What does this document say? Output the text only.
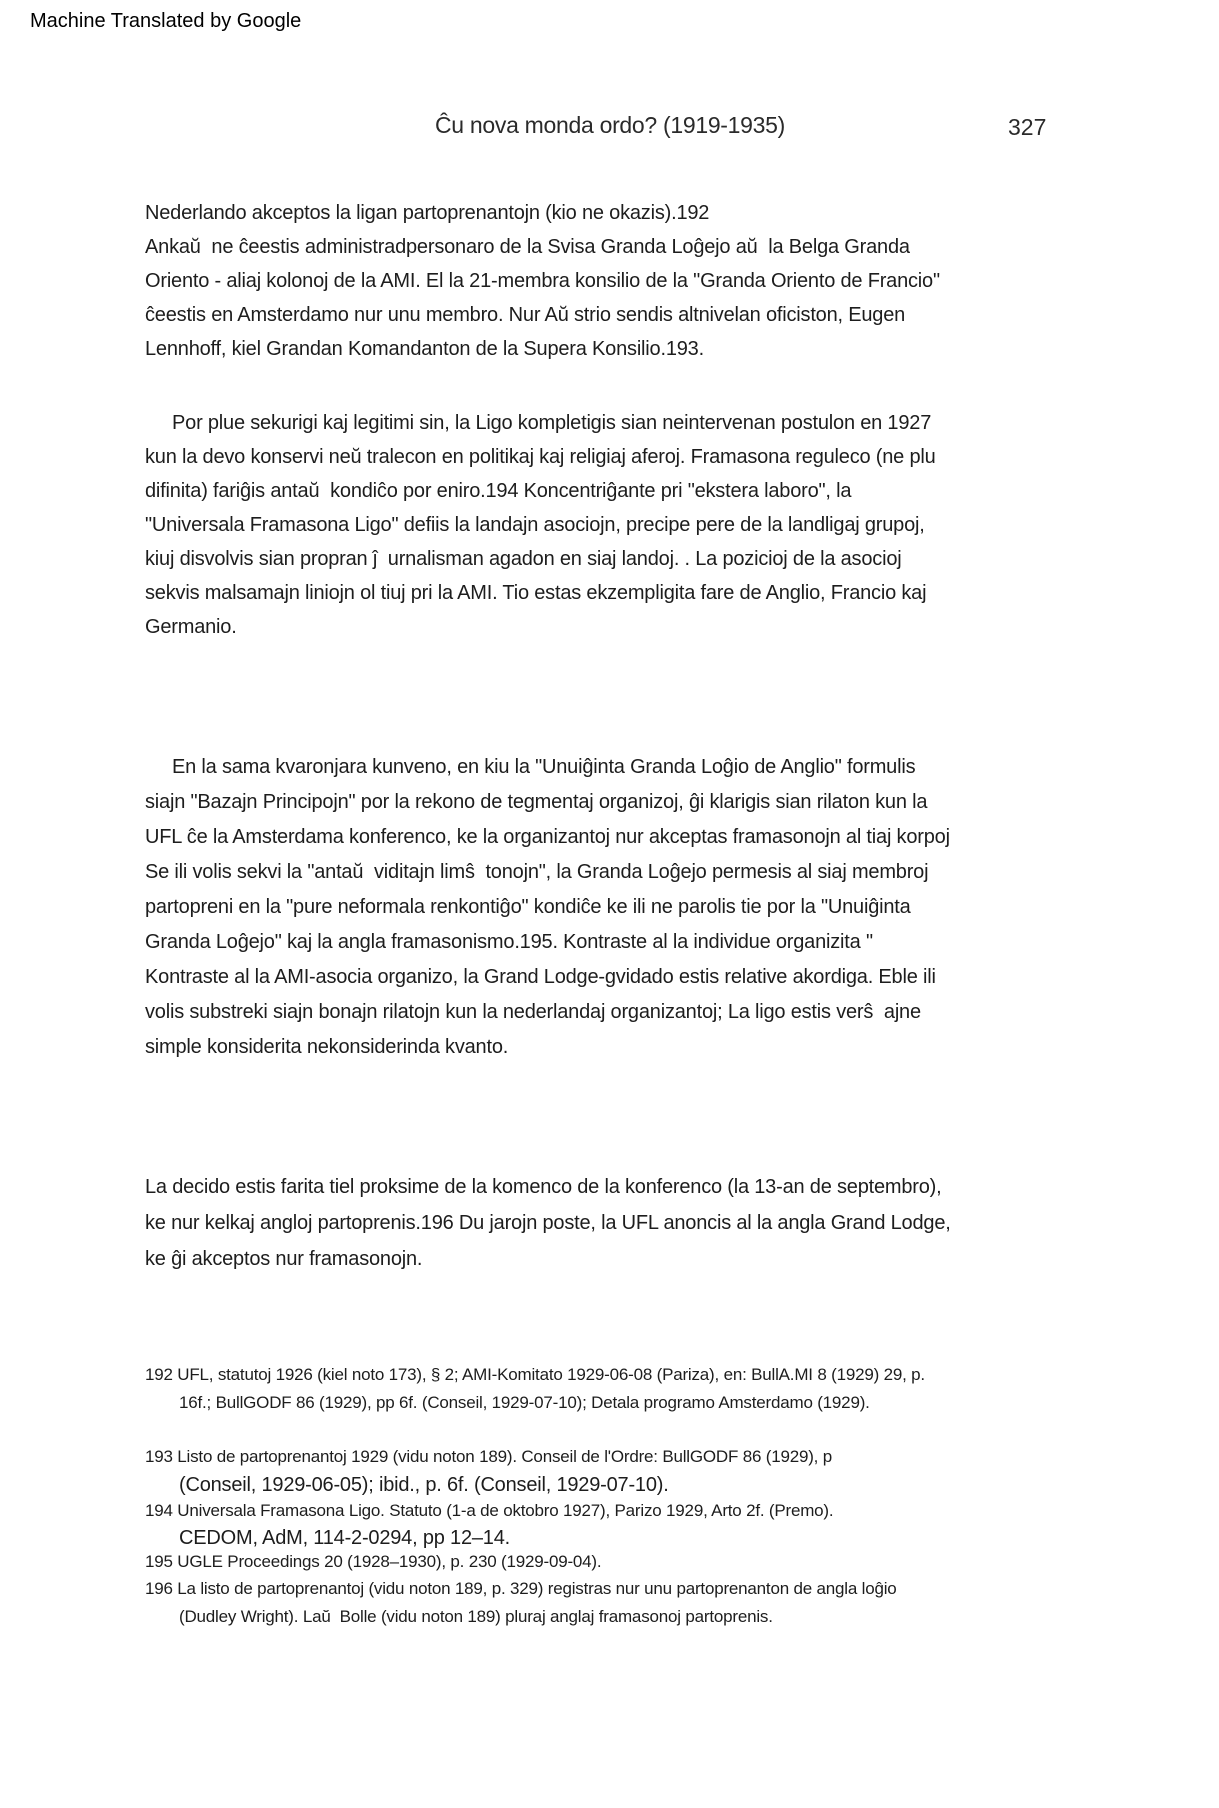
Machine Translated by Google
Ĉu nova monda ordo? (1919-1935)	327
Nederlando akceptos la ligan partoprenantojn (kio ne okazis).192
Ankaŭ  ne ĉeestis administradpersonaro de la Svisa Granda Loĝejo aŭ  la Belga Granda
Oriento - aliaj kolonoj de la AMI. El la 21-membra konsilio de la "Granda Oriento de Francio"
ĉeestis en Amsterdamo nur unu membro. Nur Aŭ strio sendis altnivelan oficiston, Eugen
Lennhoff, kiel Grandan Komandanton de la Supera Konsilio.193.
Por plue sekurigi kaj legitimi sin, la Ligo kompletigis sian neintervenan postulon en 1927
kun la devo konservi neŭ tralecon en politikaj kaj religiaj aferoj. Framasona reguleco (ne plu
difinita) fariĝis antaŭ  kondiĉo por eniro.194 Koncentriĝante pri "ekstera laboro", la
"Universala Framasona Ligo" defiis la landajn asociojn, precipe pere de la landligaj grupoj,
kiuj disvolvis sian propran ĵ  urnalisman agadon en siaj landoj. . La pozicioj de la asocioj
sekvis malsamajn liniojn ol tiuj pri la AMI. Tio estas ekzempligita fare de Anglio, Francio kaj
Germanio.
En la sama kvaronjara kunveno, en kiu la "Unuiĝinta Granda Loĝio de Anglio" formulis
siajn "Bazajn Principojn" por la rekono de tegmentaj organizoj, ĝi klarigis sian rilaton kun la
UFL ĉe la Amsterdama konferenco, ke la organizantoj nur akceptas framasonojn al tiaj korpoj
Se ili volis sekvi la "antaŭ  viditajn limŝ  tonojn", la Granda Loĝejo permesis al siaj membroj
partopreni en la "pure neformala renkontiĝo" kondiĉe ke ili ne parolis tie por la "Unuiĝinta
Granda Loĝejo" kaj la angla framasonismo.195. Kontraste al la individue organizita "
Kontraste al la AMI-asocia organizo, la Grand Lodge-gvidado estis relative akordiga. Eble ili
volis substreki siajn bonajn rilatojn kun la nederlandaj organizantoj; La ligo estis verŝ  ajne
simple konsiderita nekonsiderinda kvanto.
La decido estis farita tiel proksime de la komenco de la konferenco (la 13-an de septembro),
ke nur kelkaj angloj partoprenis.196 Du jarojn poste, la UFL anoncis al la angla Grand Lodge,
ke ĝi akceptos nur framasonojn.
192 UFL, statutoj 1926 (kiel noto 173), § 2; AMI-Komitato 1929-06-08 (Pariza), en: BullA.MI 8 (1929) 29, p.
16f.; BullGODF 86 (1929), pp 6f. (Conseil, 1929-07-10); Detala programo Amsterdamo (1929).
193 Listo de partoprenantoj 1929 (vidu noton 189). Conseil de l'Ordre: BullGODF 86 (1929), p
(Conseil, 1929-06-05); ibid., p. 6f. (Conseil, 1929-07-10).
194 Universala Framasona Ligo. Statuto (1-a de oktobro 1927), Parizo 1929, Arto 2f. (Premo).
CEDOM, AdM, 114-2-0294, pp 12–14.
195 UGLE Proceedings 20 (1928–1930), p. 230 (1929-09-04).
196 La listo de partoprenantoj (vidu noton 189, p. 329) registras nur unu partoprenanton de angla loĝio
(Dudley Wright). Laŭ  Bolle (vidu noton 189) pluraj anglaj framasonoj partoprenis.
